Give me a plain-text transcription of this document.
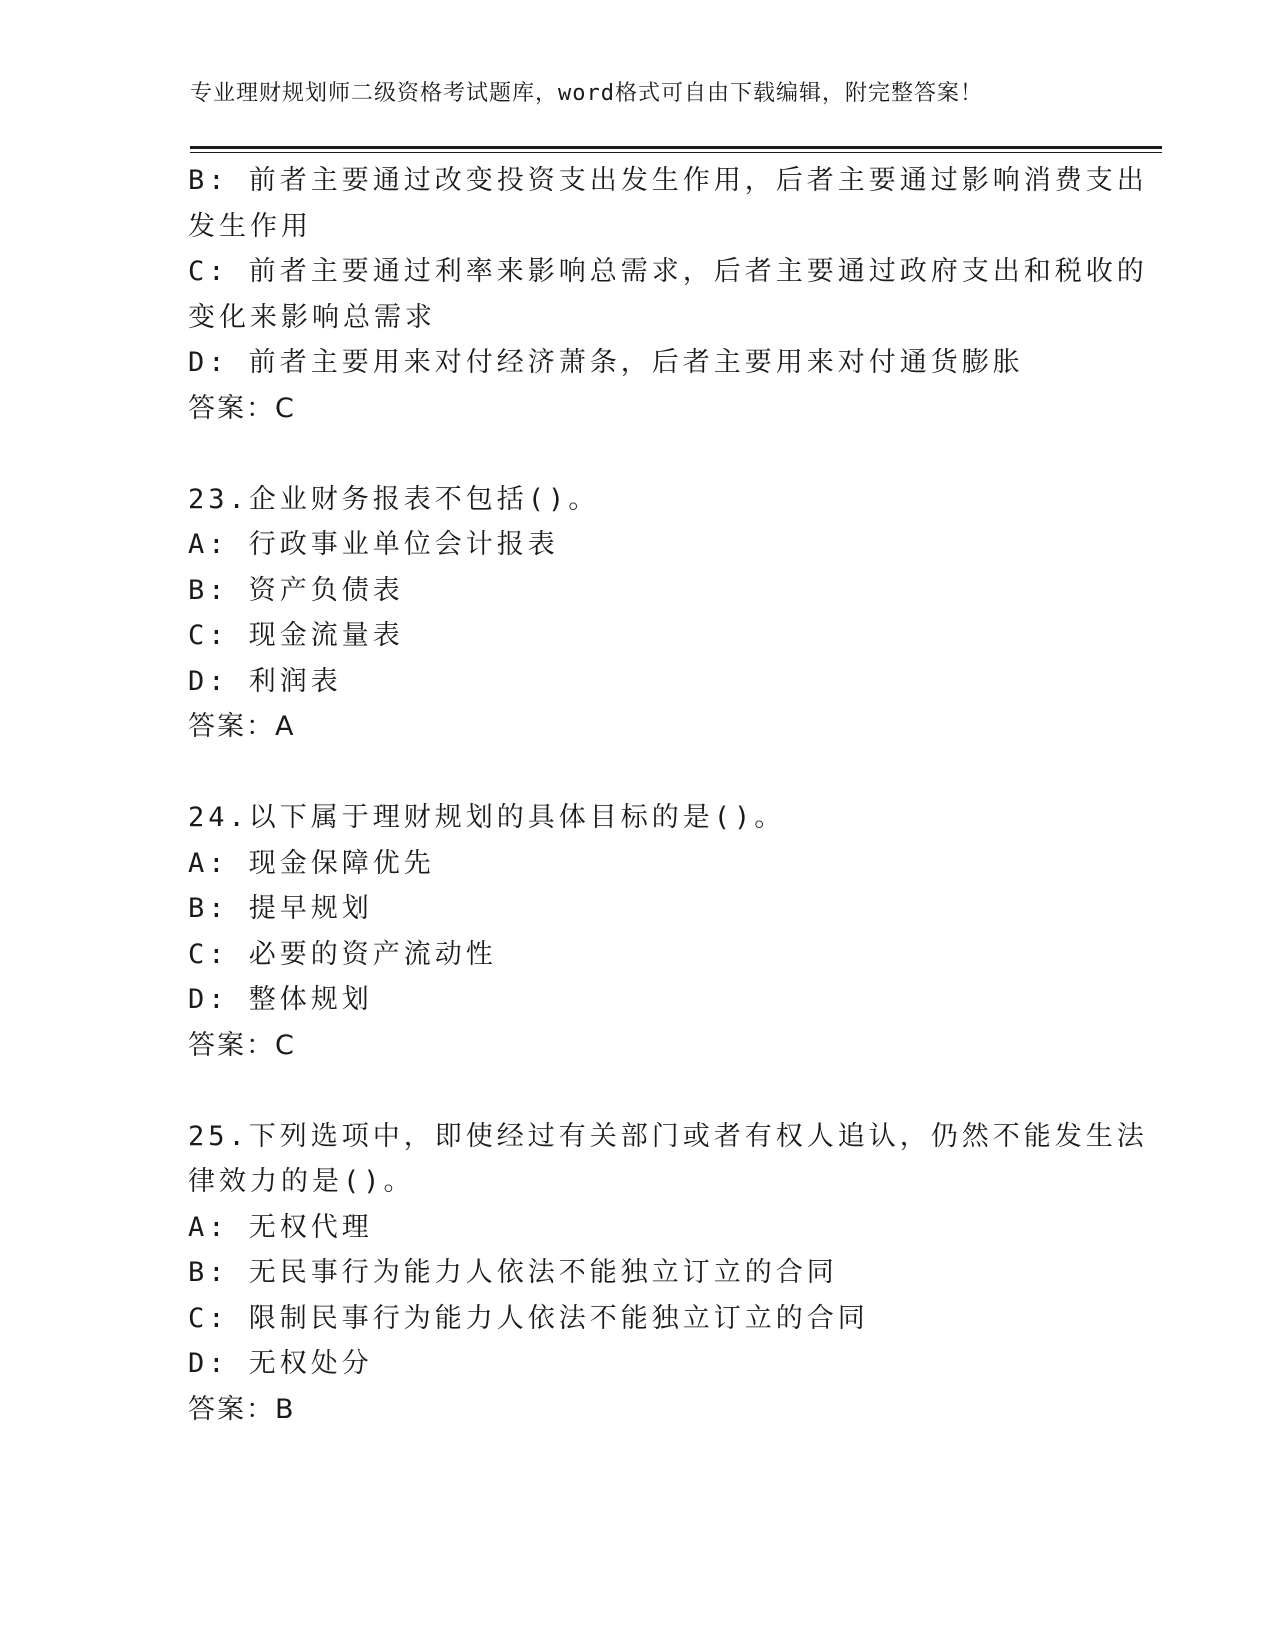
专业理财规划师二级资格考试题库，word格式可自由下载编辑，附完整答案！
B: 前者主要通过改变投资支出发生作用，后者主要通过影响消费支出
发生作用
C: 前者主要通过利率来影响总需求，后者主要通过政府支出和税收的
变化来影响总需求
D: 前者主要用来对付经济萧条，后者主要用来对付通货膨胀
答案：C
23.企业财务报表不包括()。
A: 行政事业单位会计报表
B: 资产负债表
C: 现金流量表
D: 利润表
答案：A
24.以下属于理财规划的具体目标的是()。
A: 现金保障优先
B: 提早规划
C: 必要的资产流动性
D: 整体规划
答案：C
25.下列选项中，即使经过有关部门或者有权人追认，仍然不能发生法
律效力的是()。
A: 无权代理
B: 无民事行为能力人依法不能独立订立的合同
C: 限制民事行为能力人依法不能独立订立的合同
D: 无权处分
答案：B
